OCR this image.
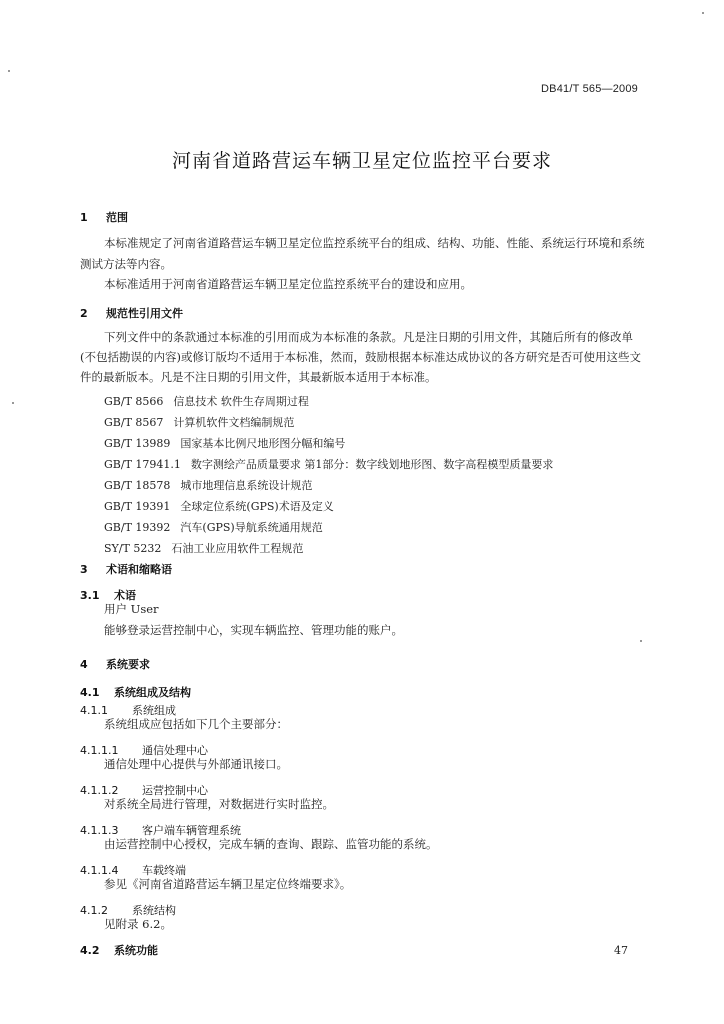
DB41/T 565—2009
河南省道路营运车辆卫星定位监控平台要求
1 范围
本标准规定了河南省道路营运车辆卫星定位监控系统平台的组成、结构、功能、性能、系统运行环境和系统测试方法等内容。
本标准适用于河南省道路营运车辆卫星定位监控系统平台的建设和应用。
2 规范性引用文件
下列文件中的条款通过本标准的引用而成为本标准的条款。凡是注日期的引用文件，其随后所有的修改单(不包括勘误的内容)或修订版均不适用于本标准，然而，鼓励根据本标准达成协议的各方研究是否可使用这些文件的最新版本。凡是不注日期的引用文件，其最新版本适用于本标准。
GB/T 8566 信息技术 软件生存周期过程
GB/T 8567 计算机软件文档编制规范
GB/T 13989 国家基本比例尺地形图分幅和编号
GB/T 17941.1 数字测绘产品质量要求 第1部分：数字线划地形图、数字高程模型质量要求
GB/T 18578 城市地理信息系统设计规范
GB/T 19391 全球定位系统(GPS)术语及定义
GB/T 19392 汽车(GPS)导航系统通用规范
SY/T 5232 石油工业应用软件工程规范
3 术语和缩略语
3.1 术语
用户 User
能够登录运营控制中心，实现车辆监控、管理功能的账户。
4 系统要求
4.1 系统组成及结构
4.1.1 系统组成
系统组成应包括如下几个主要部分：
4.1.1.1 通信处理中心
通信处理中心提供与外部通讯接口。
4.1.1.2 运营控制中心
对系统全局进行管理，对数据进行实时监控。
4.1.1.3 客户端车辆管理系统
由运营控制中心授权，完成车辆的查询、跟踪、监管功能的系统。
4.1.1.4 车载终端
参见《河南省道路营运车辆卫星定位终端要求》。
4.1.2 系统结构
见附录 6.2。
4.2 系统功能	47
